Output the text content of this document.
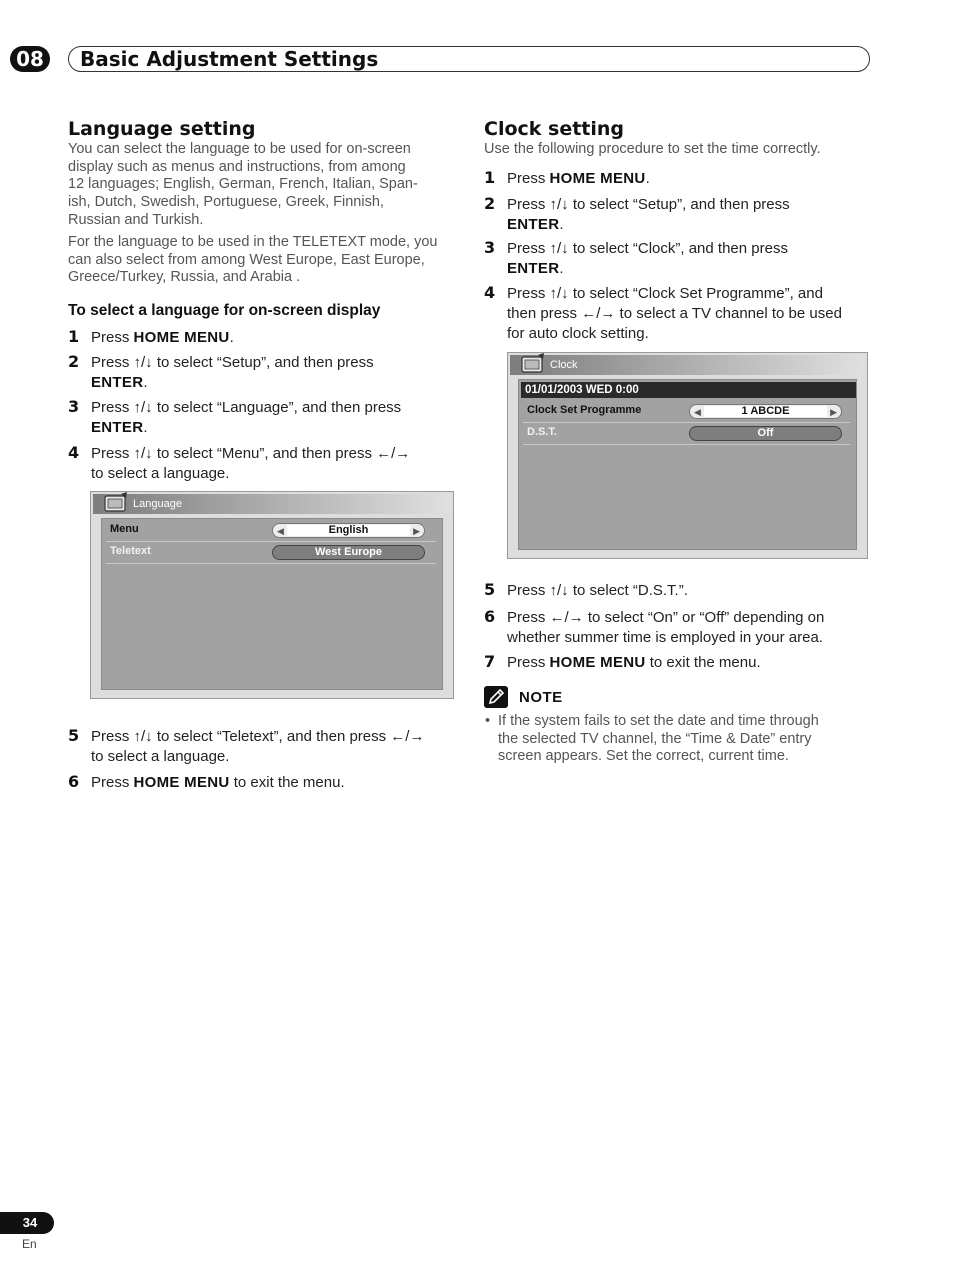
08	Basic Adjustment Settings
Language setting
You can select the language to be used for on-screen
display such as menus and instructions, from among
12 languages; English, German, French, Italian, Span-
ish, Dutch, Swedish, Portuguese, Greek, Finnish,
Russian and Turkish.
For the language to be used in the TELETEXT mode, you
can also select from among West Europe, East Europe,
Greece/Turkey, Russia, and Arabia .
To select a language for on-screen display
1 Press HOME MENU.
2 Press ↑/↓ to select “Setup”, and then press
ENTER.
3 Press ↑/↓ to select “Language”, and then press
ENTER.
4 Press ↑/↓ to select “Menu”, and then press ←/→
to select a language.
Language
Menu	◀	English	▶
Teletext	West Europe
5 Press ↑/↓ to select “Teletext”, and then press ←/→
to select a language.
6 Press HOME MENU to exit the menu.
Clock setting
Use the following procedure to set the time correctly.
1 Press HOME MENU.
2 Press ↑/↓ to select “Setup”, and then press
ENTER.
3 Press ↑/↓ to select “Clock”, and then press
ENTER.
4 Press ↑/↓ to select “Clock Set Programme”, and
then press ←/→ to select a TV channel to be used
for auto clock setting.
Clock
01/01/2003 WED 0:00
Clock Set Programme	◀	1 ABCDE	▶
D.S.T.	Off
5 Press ↑/↓ to select “D.S.T.”.
6 Press ←/→ to select “On” or “Off” depending on
whether summer time is employed in your area.
7 Press HOME MENU to exit the menu.
NOTE
• If the system fails to set the date and time through
the selected TV channel, the “Time & Date” entry
screen appears. Set the correct, current time.
34
En
